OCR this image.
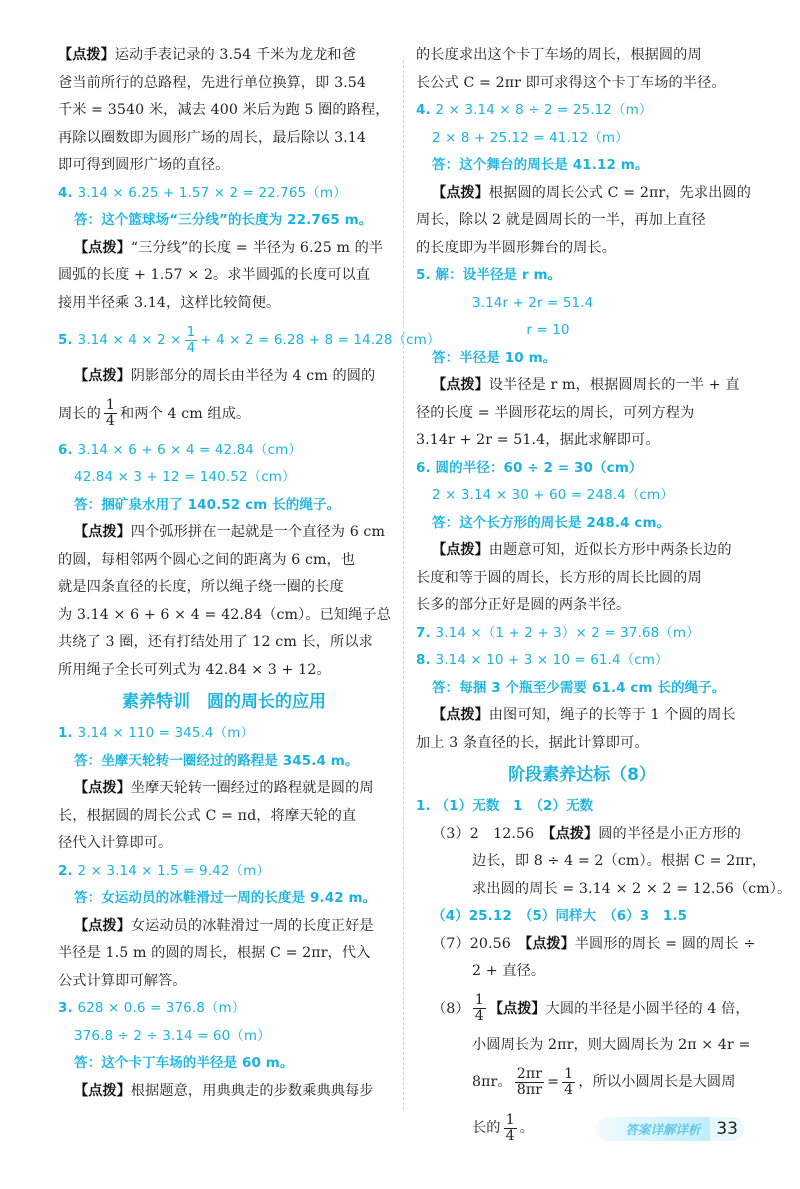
【点拨】运动手表记录的 3.54 千米为龙龙和爸
爸当前所行的总路程，先进行单位换算，即 3.54
千米 = 3540 米，减去 400 米后为跑 5 圈的路程，
再除以圈数即为圆形广场的周长，最后除以 3.14
即可得到圆形广场的直径。
4. 3.14 × 6.25 + 1.57 × 2 = 22.765（m）
答：这个篮球场“三分线”的长度为 22.765 m。
【点拨】“三分线”的长度 = 半径为 6.25 m 的半
圆弧的长度 + 1.57 × 2。求半圆弧的长度可以直
接用半径乘 3.14，这样比较简便。
5. $3.14 \times 4 \times 2 \times \frac{1}{4} + 4 \times 2 = 6.28 + 8 = 14.28(cm)$
【点拨】阴影部分的周长由半径为 4 cm 的圆的
周长的 $\frac{1}{4}$ 和两个 4 cm 组成。
6. 3.14 × 6 + 6 × 4 = 42.84（cm）
42.84 × 3 + 12 = 140.52（cm）
答：捆矿泉水用了 140.52 cm 长的绳子。
【点拨】四个弧形拼在一起就是一个直径为 6 cm
的圆，每相邻两个圆心之间的距离为 6 cm，也
就是四条直径的长度，所以绳子绕一圈的长度
为 3.14 × 6 + 6 × 4 = 42.84（cm）。已知绳子总
共绕了 3 圈，还有打结处用了 12 cm 长，所以求
所用绳子全长可列式为 42.84 × 3 + 12。
素养特训　圆的周长的应用
1. 3.14 × 110 = 345.4（m）
答：坐摩天轮转一圈经过的路程是 345.4 m。
【点拨】坐摩天轮转一圈经过的路程就是圆的周
长，根据圆的周长公式 C = πd，将摩天轮的直
径代入计算即可。
2. 2 × 3.14 × 1.5 = 9.42（m）
答：女运动员的冰鞋滑过一周的长度是 9.42 m。
【点拨】女运动员的冰鞋滑过一周的长度正好是
半径是 1.5 m 的圆的周长，根据 C = 2πr，代入
公式计算即可解答。
3. 628 × 0.6 = 376.8（m）
376.8 ÷ 2 ÷ 3.14 = 60（m）
答：这个卡丁车场的半径是 60 m。
【点拨】根据题意，用典典走的步数乘典典每步
的长度求出这个卡丁车场的周长，根据圆的周
长公式 C = 2πr 即可求得这个卡丁车场的半径。
4. 2 × 3.14 × 8 ÷ 2 = 25.12（m）
2 × 8 + 25.12 = 41.12（m）
答：这个舞台的周长是 41.12 m。
【点拨】根据圆的周长公式 C = 2πr，先求出圆的
周长，除以 2 就是圆周长的一半，再加上直径
的长度即为半圆形舞台的周长。
5. 解：设半径是 r m。
3.14r + 2r = 51.4
　　　　r = 10
答：半径是 10 m。
【点拨】设半径是 r m，根据圆周长的一半 + 直
径的长度 = 半圆形花坛的周长，可列方程为
3.14r + 2r = 51.4，据此求解即可。
6. 圆的半径：60 ÷ 2 = 30（cm）
2 × 3.14 × 30 + 60 = 248.4（cm）
答：这个长方形的周长是 248.4 cm。
【点拨】由题意可知，近似长方形中两条长边的
长度和等于圆的周长，长方形的周长比圆的周
长多的部分正好是圆的两条半径。
7. 3.14 ×（1 + 2 + 3）× 2 = 37.68（m）
8. 3.14 × 10 + 3 × 10 = 61.4（cm）
答：每捆 3 个瓶至少需要 61.4 cm 长的绳子。
【点拨】由图可知，绳子的长等于 1 个圆的周长
加上 3 条直径的长，据此计算即可。
阶段素养达标（8）
1. （1）无数　1　（2）无数
（3）2　12.56　【点拨】圆的半径是小正方形的
边长，即 8 ÷ 4 = 2（cm）。根据 C = 2πr，
求出圆的周长 = 3.14 × 2 × 2 = 12.56（cm）。
（4）25.12　（5）同样大　（6）3　1.5
（7）20.56　【点拨】半圆形的周长 = 圆的周长 ÷
2 + 直径。
$(8) \frac{1}{4}$ 【点拨】大圆的半径是小圆半径的 4 倍，
小圆周长为 2πr，则大圆周长为 2π × 4r =
8πr。 $\frac{2\pi r}{8\pi r} = \frac{1}{4}$ ，所以小圆周长是大圆周
长的 $\frac{1}{4}$ 。	答案详解详析 33
